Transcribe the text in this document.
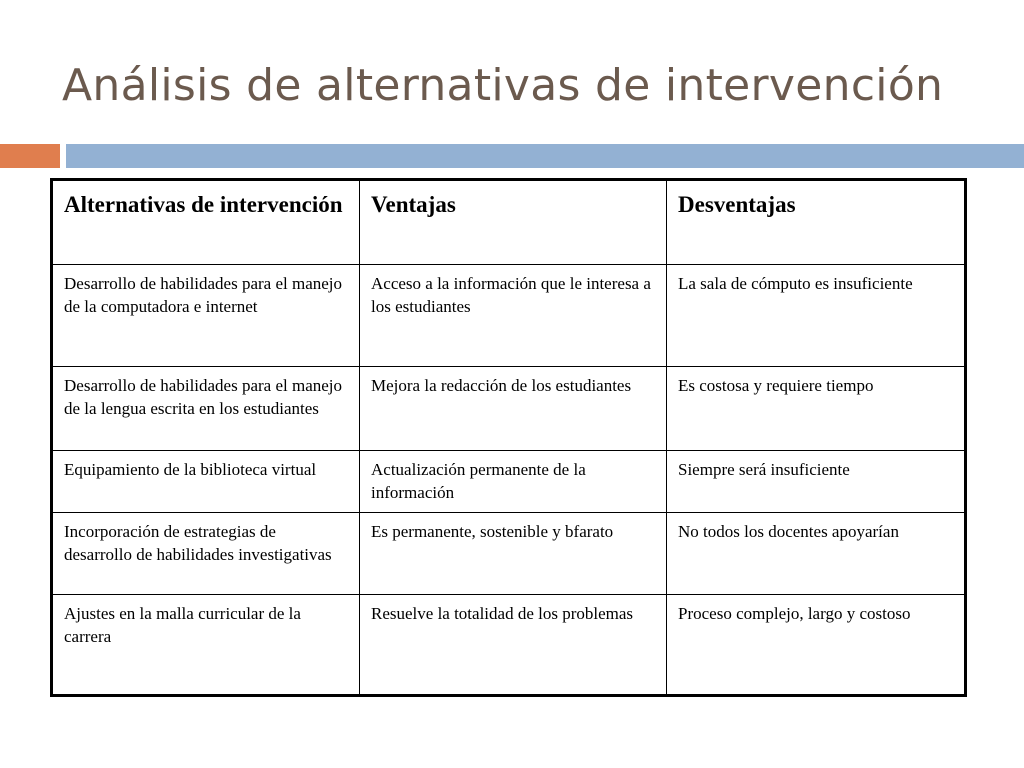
Análisis de alternativas de intervención
Alternativas de intervención	Ventajas	Desventajas
Desarrollo de habilidades para el manejo de la computadora e internet	Acceso a la información que le interesa a los estudiantes	La sala de cómputo es insuficiente
Desarrollo de habilidades para el manejo de la lengua escrita en los estudiantes	Mejora la redacción de los estudiantes	Es costosa y requiere tiempo
Equipamiento de la biblioteca virtual	Actualización permanente de la información	Siempre será insuficiente
Incorporación de estrategias de desarrollo de habilidades investigativas	Es permanente, sostenible y bfarato	No todos los docentes apoyarían
Ajustes en la malla curricular de la carrera	Resuelve la totalidad de los problemas	Proceso complejo, largo y costoso
